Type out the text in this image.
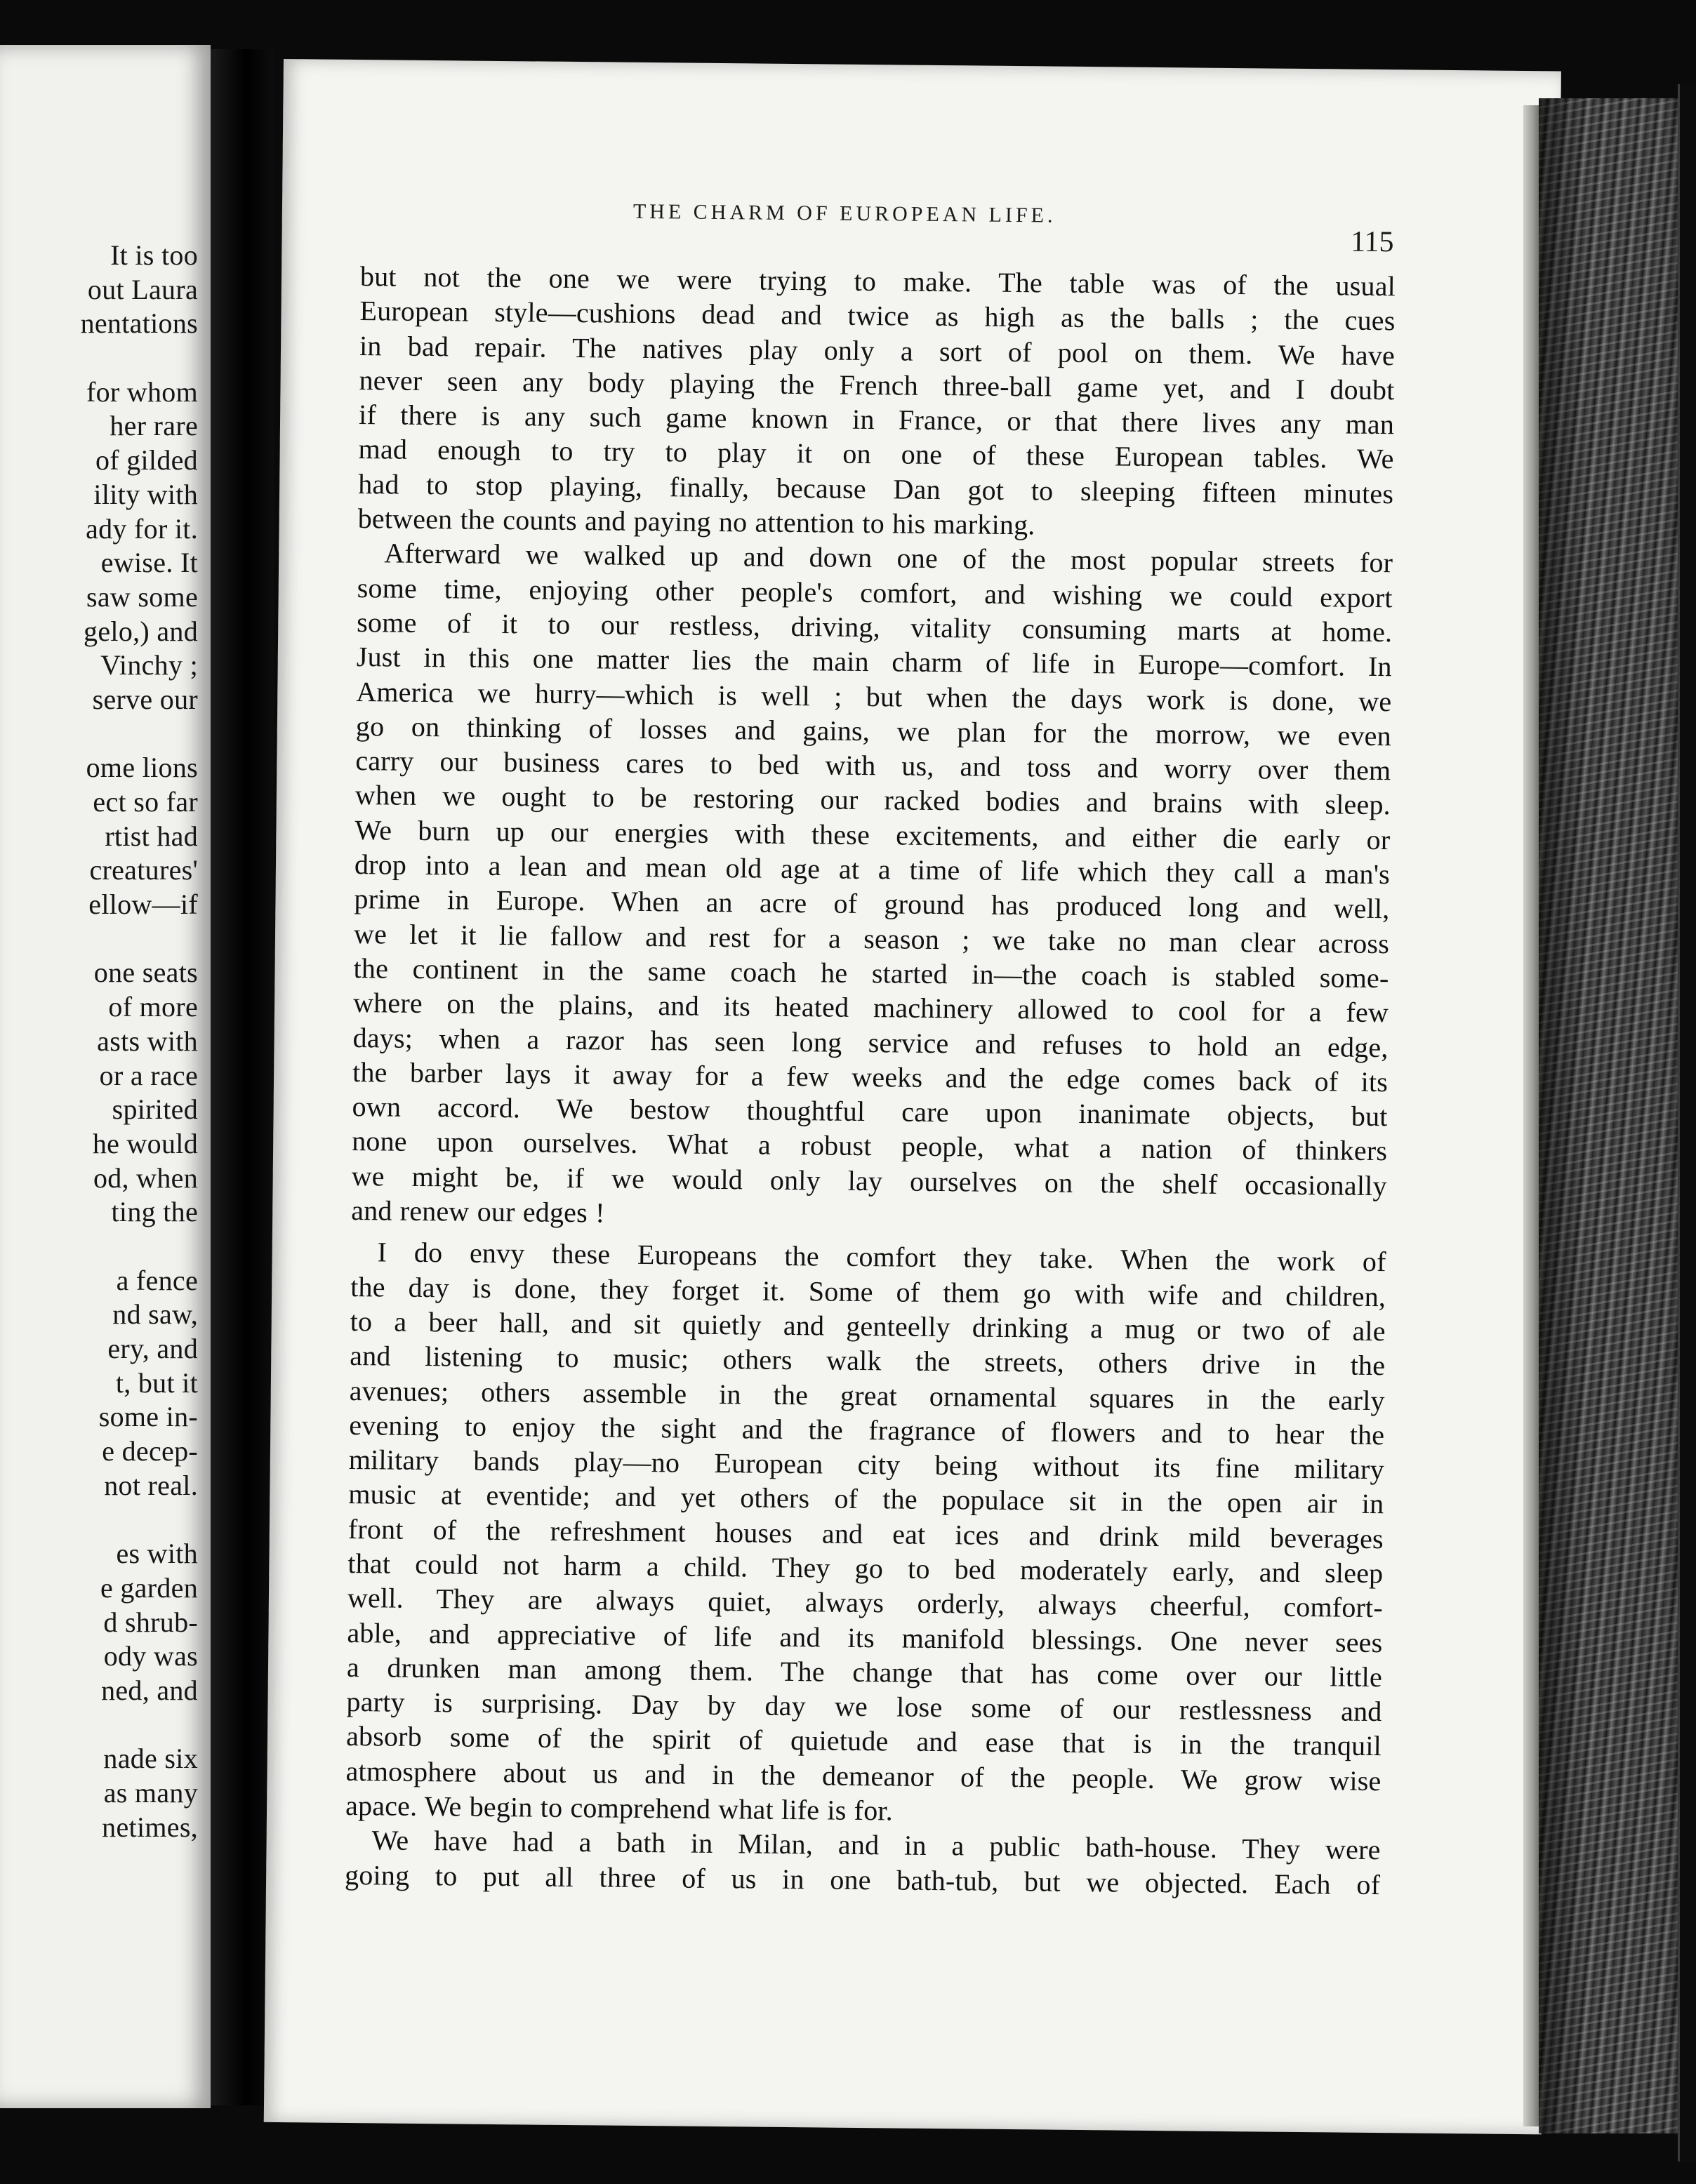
It is too
out Laura
nentations
for whom
her rare
of gilded
ility with
ady for it.
ewise. It
saw some
gelo,) and
Vinchy ;
serve our
ome lions
ect so far
rtist had
creatures'
ellow—if
one seats
of more
asts with
or a race
spirited
he would
od, when
ting the
a fence
nd saw,
ery, and
t, but it
some in-
e decep-
not real.
es with
e garden
d shrub-
ody was
ned, and
nade six
as many
netimes,
THE CHARM OF EUROPEAN LIFE.
115
but not the one we were trying to make. The table was of the usual
European style—cushions dead and twice as high as the balls ; the cues
in bad repair. The natives play only a sort of pool on them. We have
never seen any body playing the French three-ball game yet, and I doubt
if there is any such game known in France, or that there lives any man
mad enough to try to play it on one of these European tables. We
had to stop playing, finally, because Dan got to sleeping fifteen minutes
between the counts and paying no attention to his marking.
Afterward we walked up and down one of the most popular streets for
some time, enjoying other people's comfort, and wishing we could export
some of it to our restless, driving, vitality consuming marts at home.
Just in this one matter lies the main charm of life in Europe—comfort. In
America we hurry—which is well ; but when the days work is done, we
go on thinking of losses and gains, we plan for the morrow, we even
carry our business cares to bed with us, and toss and worry over them
when we ought to be restoring our racked bodies and brains with sleep.
We burn up our energies with these excitements, and either die early or
drop into a lean and mean old age at a time of life which they call a man's
prime in Europe. When an acre of ground has produced long and well,
we let it lie fallow and rest for a season ; we take no man clear across
the continent in the same coach he started in—the coach is stabled some-
where on the plains, and its heated machinery allowed to cool for a few
days; when a razor has seen long service and refuses to hold an edge,
the barber lays it away for a few weeks and the edge comes back of its
own accord. We bestow thoughtful care upon inanimate objects, but
none upon ourselves. What a robust people, what a nation of thinkers
we might be, if we would only lay ourselves on the shelf occasionally
and renew our edges !
I do envy these Europeans the comfort they take. When the work of
the day is done, they forget it. Some of them go with wife and children,
to a beer hall, and sit quietly and genteelly drinking a mug or two of ale
and listening to music; others walk the streets, others drive in the
avenues; others assemble in the great ornamental squares in the early
evening to enjoy the sight and the fragrance of flowers and to hear the
military bands play—no European city being without its fine military
music at eventide; and yet others of the populace sit in the open air in
front of the refreshment houses and eat ices and drink mild beverages
that could not harm a child. They go to bed moderately early, and sleep
well. They are always quiet, always orderly, always cheerful, comfort-
able, and appreciative of life and its manifold blessings. One never sees
a drunken man among them. The change that has come over our little
party is surprising. Day by day we lose some of our restlessness and
absorb some of the spirit of quietude and ease that is in the tranquil
atmosphere about us and in the demeanor of the people. We grow wise
apace. We begin to comprehend what life is for.
We have had a bath in Milan, and in a public bath-house. They were
going to put all three of us in one bath-tub, but we objected. Each of
